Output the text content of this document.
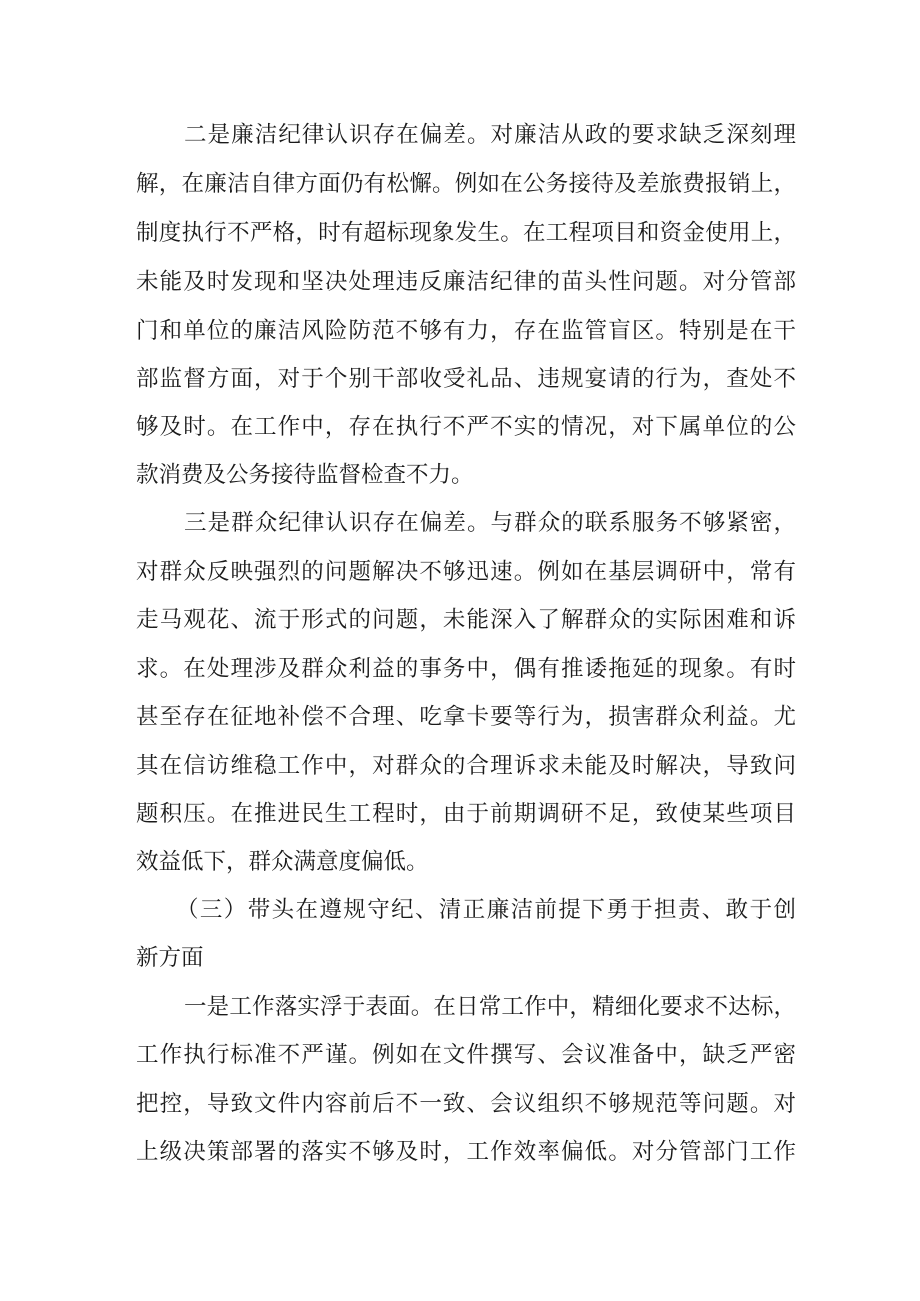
二是廉洁纪律认识存在偏差。对廉洁从政的要求缺乏深刻理
解，在廉洁自律方面仍有松懈。例如在公务接待及差旅费报销上，
制度执行不严格，时有超标现象发生。在工程项目和资金使用上，
未能及时发现和坚决处理违反廉洁纪律的苗头性问题。对分管部
门和单位的廉洁风险防范不够有力，存在监管盲区。特别是在干
部监督方面，对于个别干部收受礼品、违规宴请的行为，查处不
够及时。在工作中，存在执行不严不实的情况，对下属单位的公
款消费及公务接待监督检查不力。
三是群众纪律认识存在偏差。与群众的联系服务不够紧密，
对群众反映强烈的问题解决不够迅速。例如在基层调研中，常有
走马观花、流于形式的问题，未能深入了解群众的实际困难和诉
求。在处理涉及群众利益的事务中，偶有推诿拖延的现象。有时
甚至存在征地补偿不合理、吃拿卡要等行为，损害群众利益。尤
其在信访维稳工作中，对群众的合理诉求未能及时解决，导致问
题积压。在推进民生工程时，由于前期调研不足，致使某些项目
效益低下，群众满意度偏低。
（三）带头在遵规守纪、清正廉洁前提下勇于担责、敢于创
新方面
一是工作落实浮于表面。在日常工作中，精细化要求不达标，
工作执行标准不严谨。例如在文件撰写、会议准备中，缺乏严密
把控，导致文件内容前后不一致、会议组织不够规范等问题。对
上级决策部署的落实不够及时，工作效率偏低。对分管部门工作
